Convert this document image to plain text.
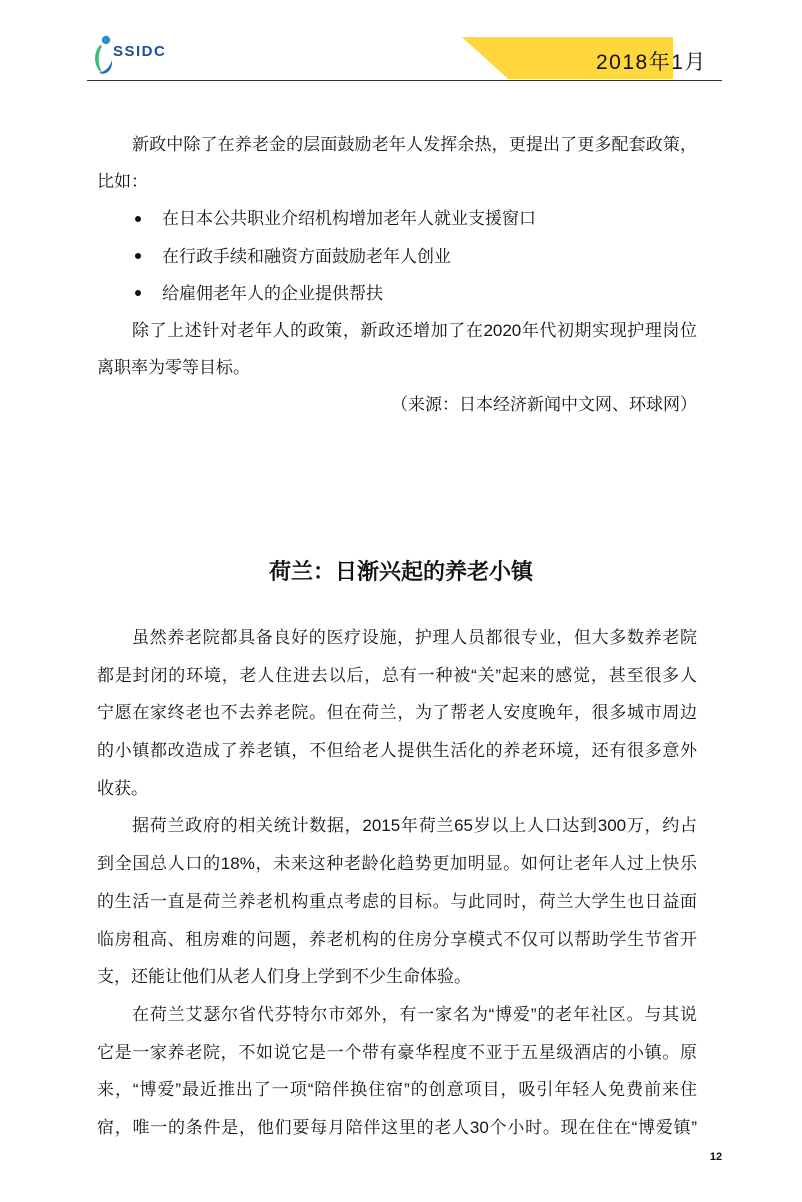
SSIDC	2018年1月
新政中除了在养老金的层面鼓励老年人发挥余热，更提出了更多配套政策，
比如：
在日本公共职业介绍机构增加老年人就业支援窗口
在行政手续和融资方面鼓励老年人创业
给雇佣老年人的企业提供帮扶
除了上述针对老年人的政策，新政还增加了在2020年代初期实现护理岗位
离职率为零等目标。
（来源：日本经济新闻中文网、环球网）
荷兰：日渐兴起的养老小镇
虽然养老院都具备良好的医疗设施，护理人员都很专业，但大多数养老院
都是封闭的环境，老人住进去以后，总有一种被“关”起来的感觉，甚至很多人
宁愿在家终老也不去养老院。但在荷兰，为了帮老人安度晚年，很多城市周边
的小镇都改造成了养老镇，不但给老人提供生活化的养老环境，还有很多意外
收获。
据荷兰政府的相关统计数据，2015年荷兰65岁以上人口达到300万，约占
到全国总人口的18%，未来这种老龄化趋势更加明显。如何让老年人过上快乐
的生活一直是荷兰养老机构重点考虑的目标。与此同时，荷兰大学生也日益面
临房租高、租房难的问题，养老机构的住房分享模式不仅可以帮助学生节省开
支，还能让他们从老人们身上学到不少生命体验。
在荷兰艾瑟尔省代芬特尔市郊外，有一家名为“博爱”的老年社区。与其说
它是一家养老院，不如说它是一个带有豪华程度不亚于五星级酒店的小镇。原
来，“博爱”最近推出了一项“陪伴换住宿”的创意项目，吸引年轻人免费前来住
宿，唯一的条件是，他们要每月陪伴这里的老人30个小时。现在住在“博爱镇”
12
